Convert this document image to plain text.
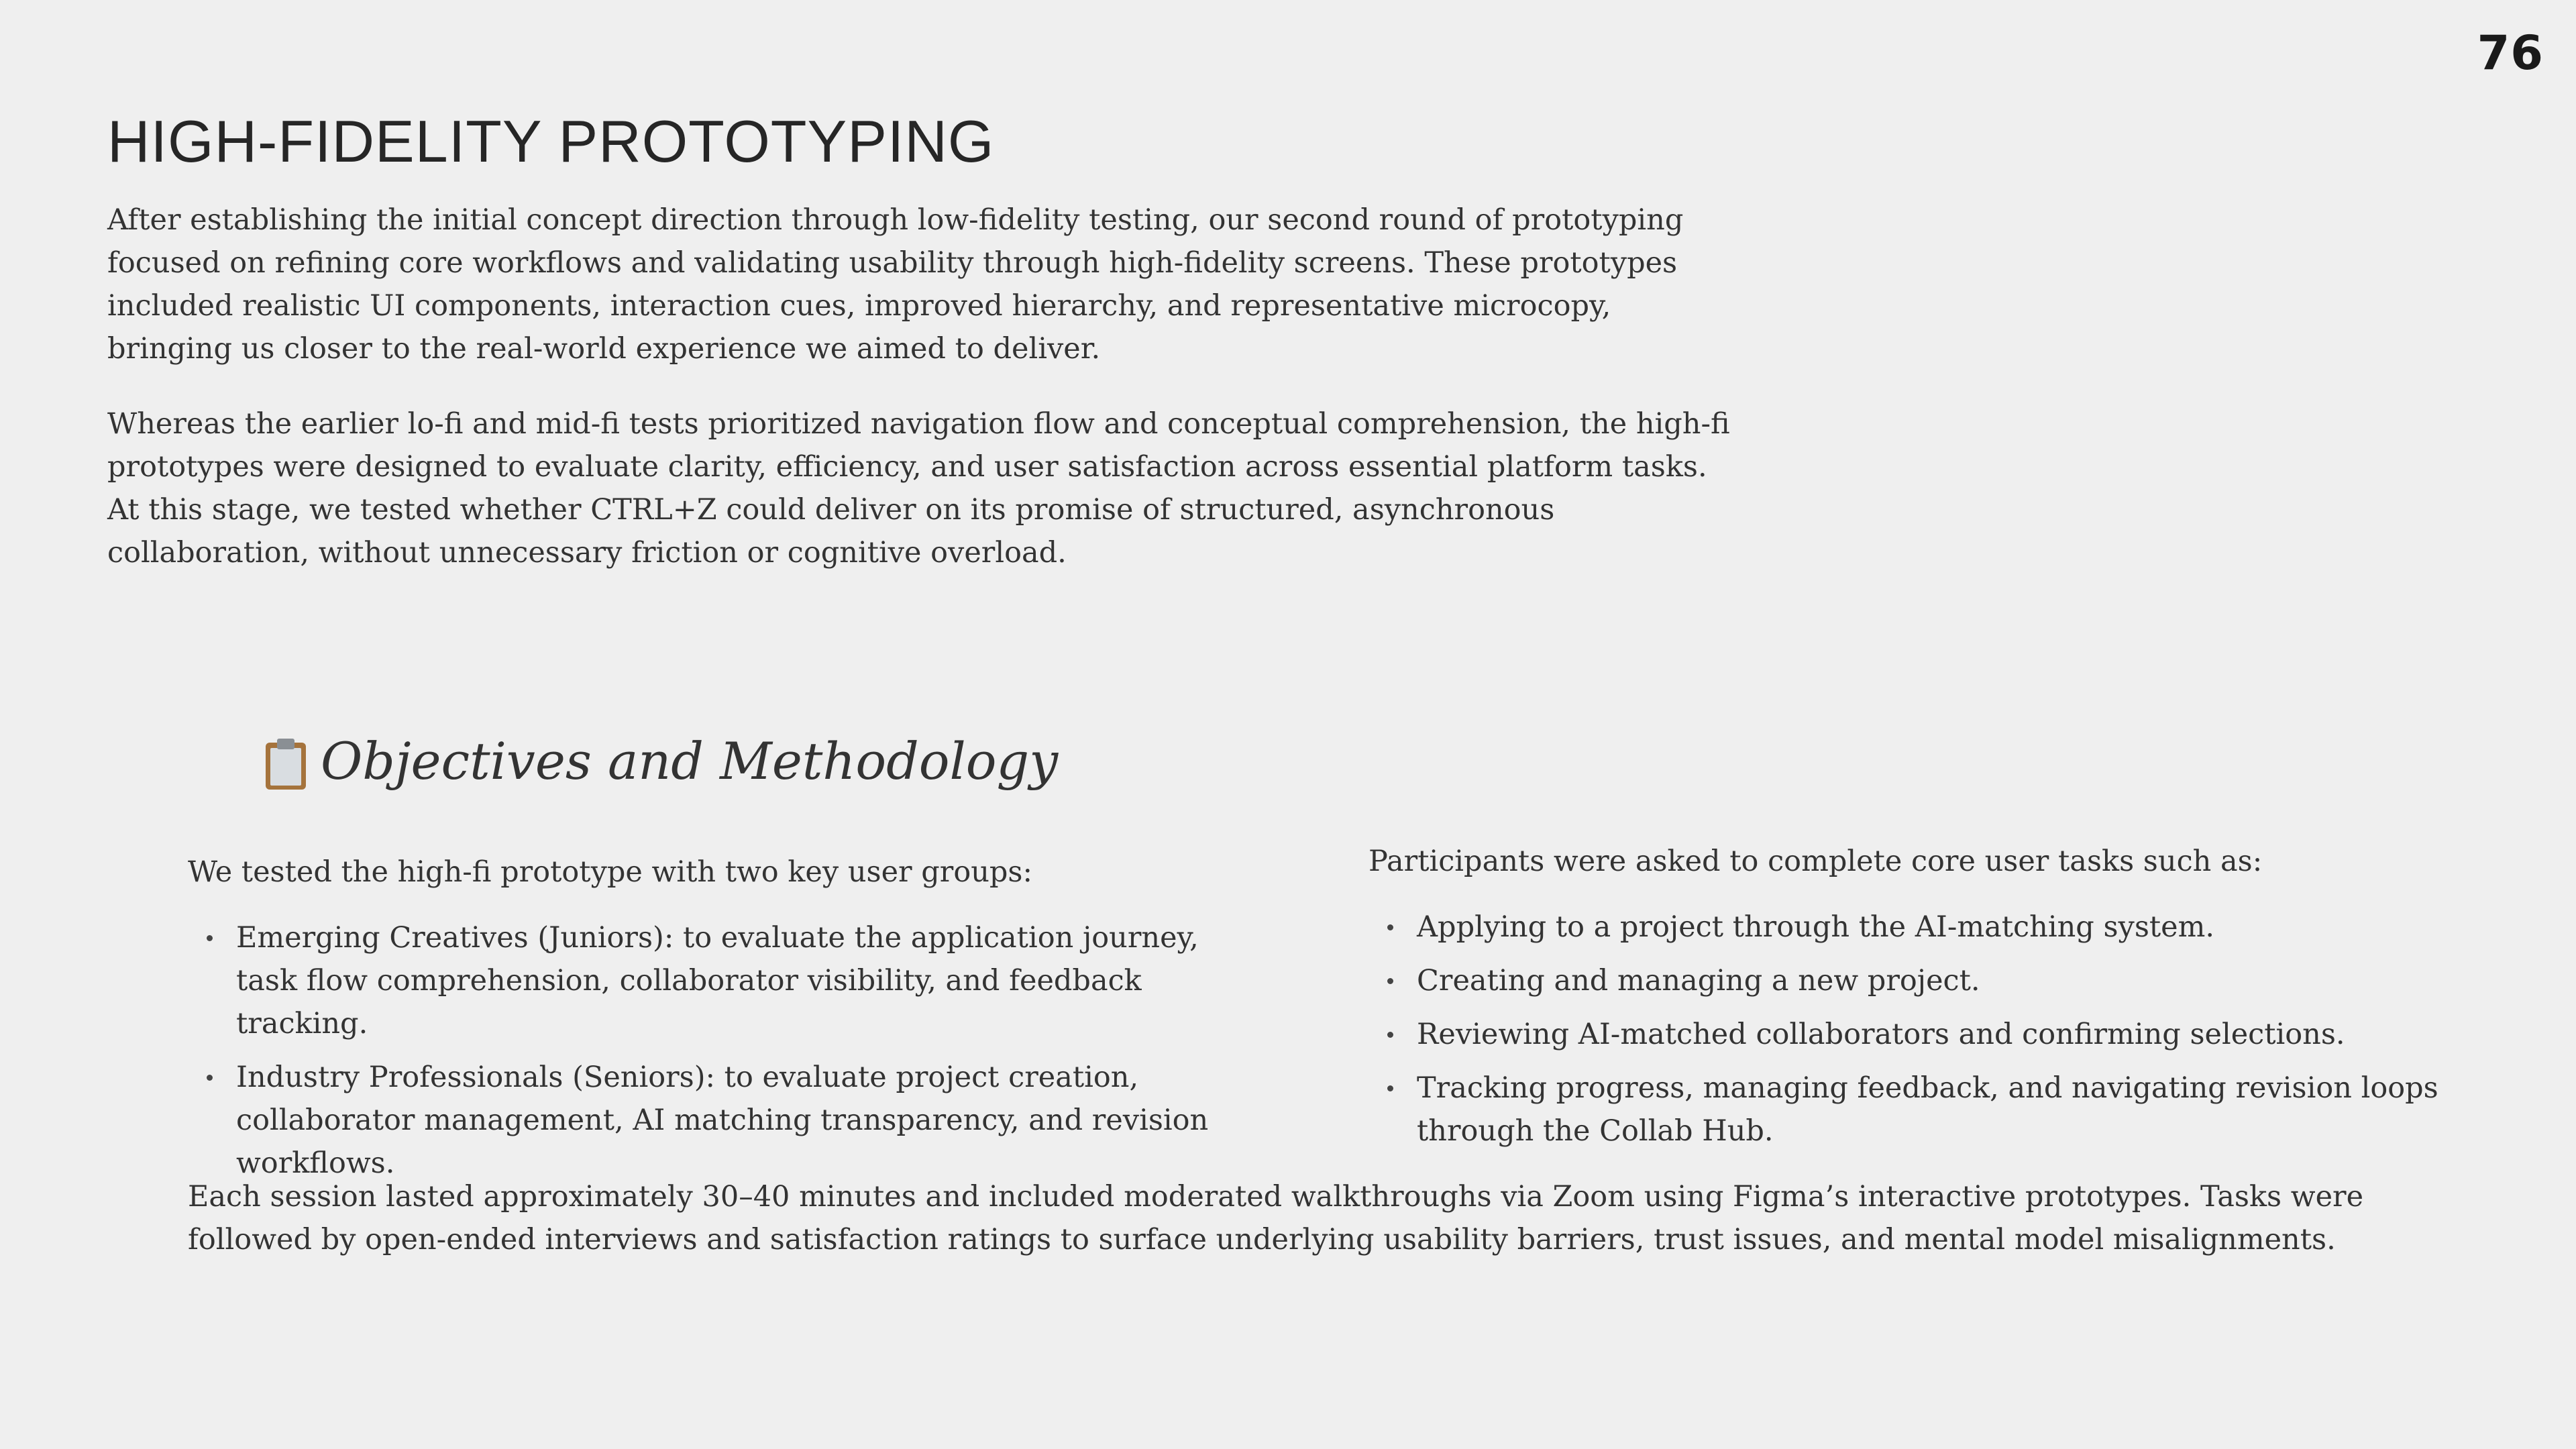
76
HIGH-FIDELITY PROTOTYPING

After establishing the initial concept direction through low-fidelity testing, our second round of prototyping focused on refining core workflows and validating usability through high-fidelity screens. These prototypes included realistic UI components, interaction cues, improved hierarchy, and representative microcopy, bringing us closer to the real-world experience we aimed to deliver.

Whereas the earlier lo-fi and mid-fi tests prioritized navigation flow and conceptual comprehension, the high-fi prototypes were designed to evaluate clarity, efficiency, and user satisfaction across essential platform tasks. At this stage, we tested whether CTRL+Z could deliver on its promise of structured, asynchronous collaboration, without unnecessary friction or cognitive overload.

Objectives and Methodology

We tested the high-fi prototype with two key user groups:

Emerging Creatives (Juniors): to evaluate the application journey, task flow comprehension, collaborator visibility, and feedback tracking.
Industry Professionals (Seniors): to evaluate project creation, collaborator management, AI matching transparency, and revision workflows.

Participants were asked to complete core user tasks such as:

Applying to a project through the AI-matching system.
Creating and managing a new project.
Reviewing AI-matched collaborators and confirming selections.
Tracking progress, managing feedback, and navigating revision loops through the Collab Hub.

Each session lasted approximately 30–40 minutes and included moderated walkthroughs via Zoom using Figma’s interactive prototypes. Tasks were followed by open-ended interviews and satisfaction ratings to surface underlying usability barriers, trust issues, and mental model misalignments.
